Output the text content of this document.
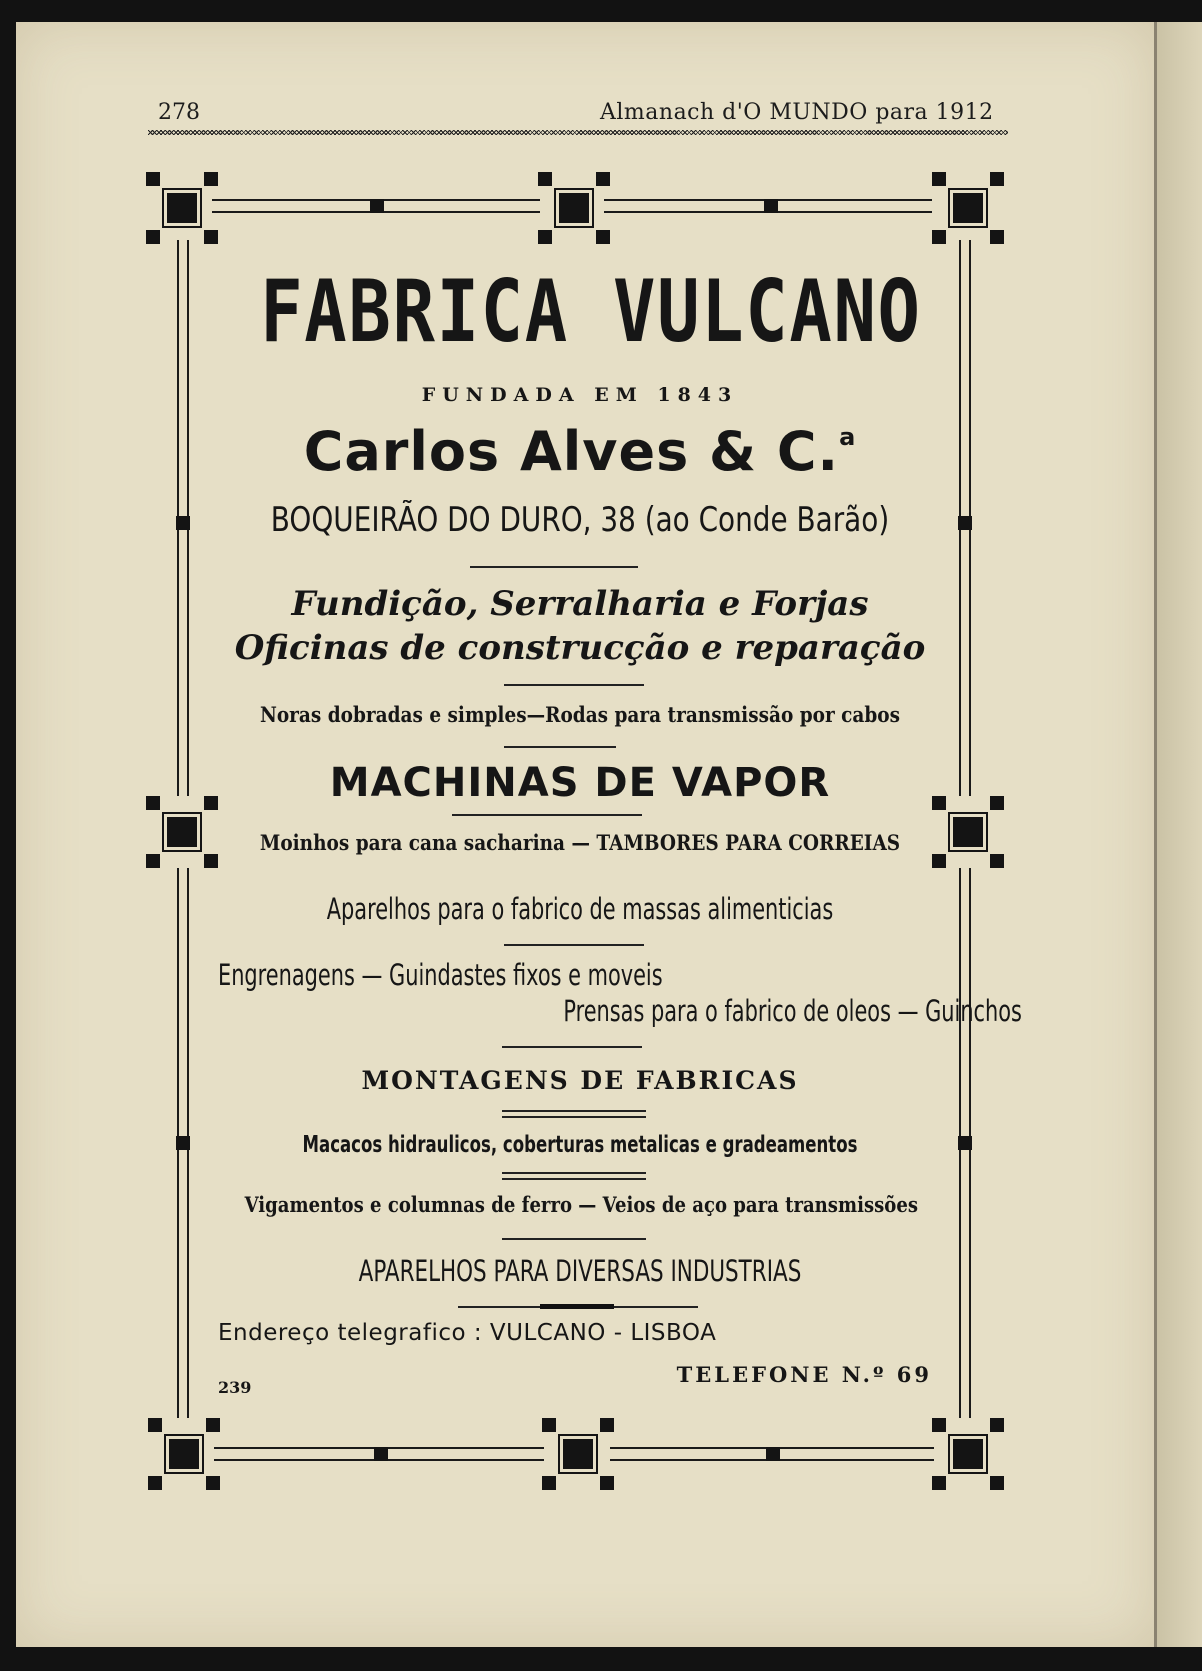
278	Almanach d'O MUNDO para 1912
FABRICA VULCANO
FUNDADA EM 1843
Carlos Alves & C.$^a$
BOQUEIRÃO DO DURO, 38 (ao Conde Barão)
Fundição, Serralharia e Forjas
Oficinas de construcção e reparação
Noras dobradas e simples—Rodas para transmissão por cabos
MACHINAS DE VAPOR
Moinhos para cana sacharina — TAMBORES PARA CORREIAS
Aparelhos para o fabrico de massas alimenticias
Engrenagens — Guindastes fixos e moveis
Prensas para o fabrico de oleos — Guinchos
MONTAGENS DE FABRICAS
Macacos hidraulicos, coberturas metalicas e gradeamentos
Vigamentos e columnas de ferro — Veios de aço para transmissões
APARELHOS PARA DIVERSAS INDUSTRIAS
Endereço telegrafico : VULCANO - LISBOA
TELEFONE N.º 69
239
